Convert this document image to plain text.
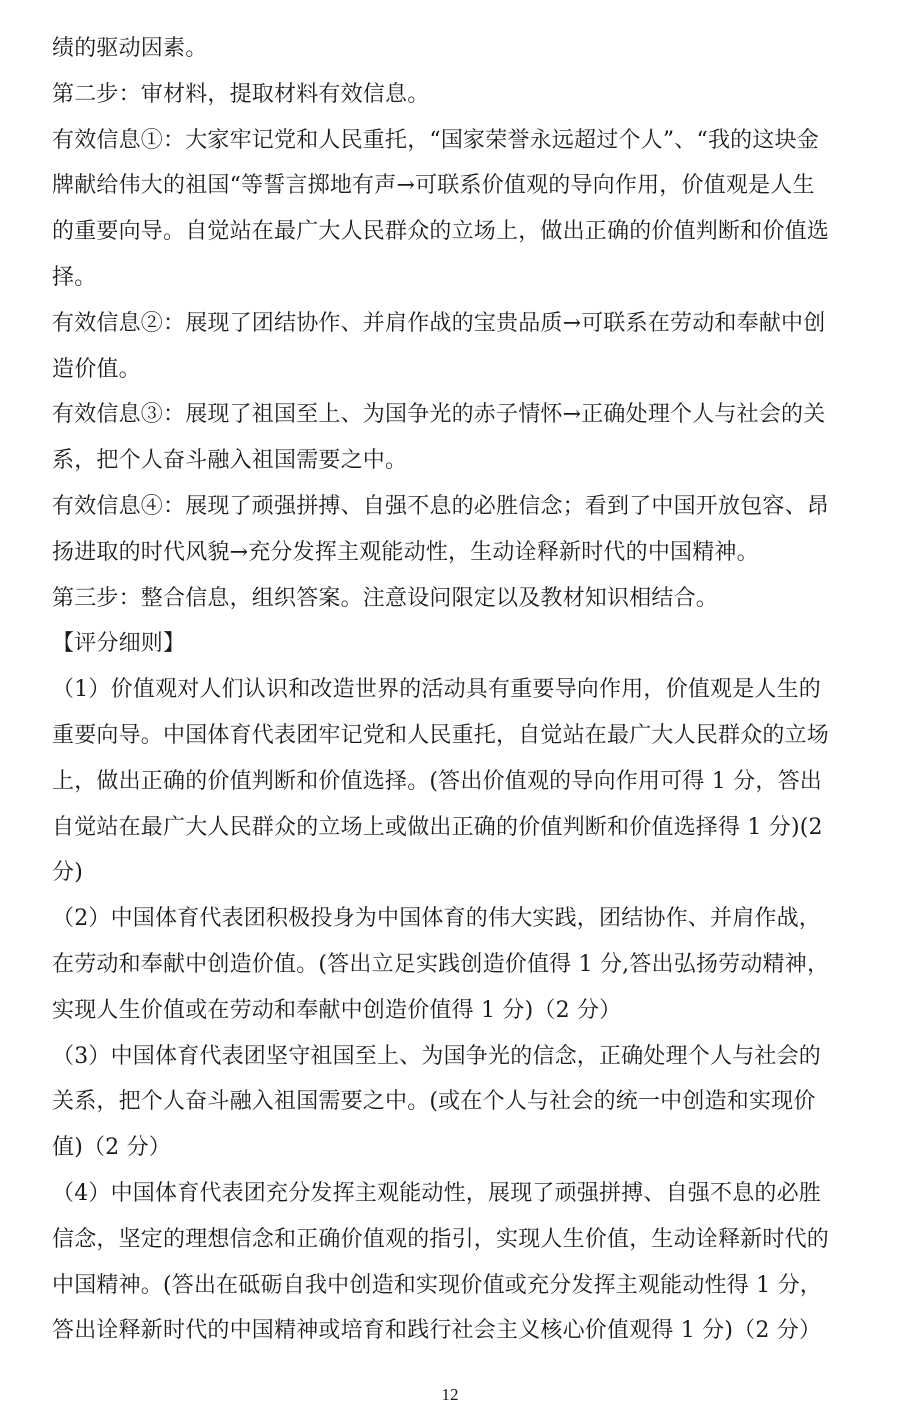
绩的驱动因素。
第二步：审材料，提取材料有效信息。
有效信息①：大家牢记党和人民重托，“国家荣誉永远超过个人”、“我的这块金
牌献给伟大的祖国“等誓言掷地有声→可联系价值观的导向作用，价值观是人生
的重要向导。自觉站在最广大人民群众的立场上，做出正确的价值判断和价值选
择。
有效信息②：展现了团结协作、并肩作战的宝贵品质→可联系在劳动和奉献中创
造价值。
有效信息③：展现了祖国至上、为国争光的赤子情怀→正确处理个人与社会的关
系，把个人奋斗融入祖国需要之中。
有效信息④：展现了顽强拼搏、自强不息的必胜信念；看到了中国开放包容、昂
扬进取的时代风貌→充分发挥主观能动性，生动诠释新时代的中国精神。
第三步：整合信息，组织答案。注意设问限定以及教材知识相结合。
【评分细则】
（1）价值观对人们认识和改造世界的活动具有重要导向作用，价值观是人生的
重要向导。中国体育代表团牢记党和人民重托，自觉站在最广大人民群众的立场
上，做出正确的价值判断和价值选择。(答出价值观的导向作用可得 1 分，答出
自觉站在最广大人民群众的立场上或做出正确的价值判断和价值选择得 1 分)(2
分)
（2）中国体育代表团积极投身为中国体育的伟大实践，团结协作、并肩作战，
在劳动和奉献中创造价值。(答出立足实践创造价值得 1 分,答出弘扬劳动精神，
实现人生价值或在劳动和奉献中创造价值得 1 分)（2 分）
（3）中国体育代表团坚守祖国至上、为国争光的信念，正确处理个人与社会的
关系，把个人奋斗融入祖国需要之中。(或在个人与社会的统一中创造和实现价
值)（2 分）
（4）中国体育代表团充分发挥主观能动性，展现了顽强拼搏、自强不息的必胜
信念，坚定的理想信念和正确价值观的指引，实现人生价值，生动诠释新时代的
中国精神。(答出在砥砺自我中创造和实现价值或充分发挥主观能动性得 1 分，
答出诠释新时代的中国精神或培育和践行社会主义核心价值观得 1 分)（2 分）
12
